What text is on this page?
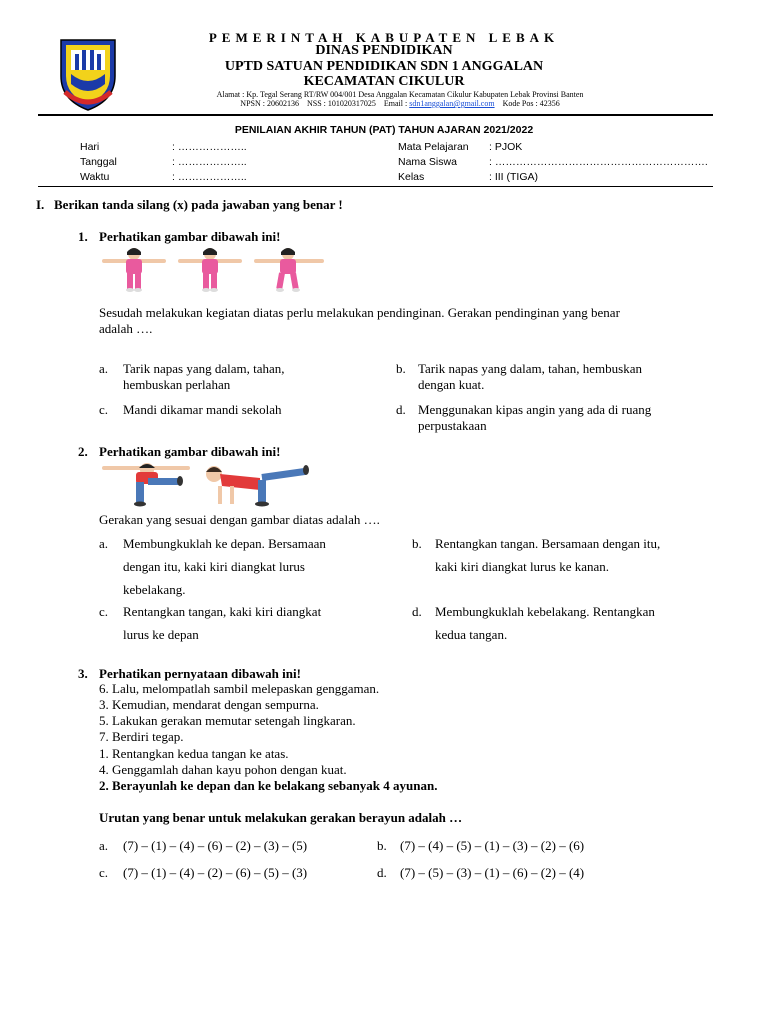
PEMERINTAH KABUPATEN LEBAK
DINAS PENDIDIKAN
UPTD SATUAN PENDIDIKAN SDN 1 ANGGALAN
KECAMATAN CIKULUR
Alamat : Kp. Tegal Serang RT/RW 004/001 Desa Anggalan Kecamatan Cikulur Kabupaten Lebak Provinsi Banten
NPSN : 20602136 NSS : 101020317025 Email : sdn1anggalan@gmail.com Kode Pos : 42356
PENILAIAN AKHIR TAHUN (PAT) TAHUN AJARAN 2021/2022
Hari	: ………………..
Tanggal	: ………………..
Waktu	: ………………..
Mata Pelajaran : PJOK
Nama Siswa	: …………………………………………………….
Kelas	: III (TIGA)
I. Berikan tanda silang (x) pada jawaban yang benar !
1. Perhatikan gambar dibawah ini!
Sesudah melakukan kegiatan diatas perlu melakukan pendinginan. Gerakan pendinginan yang benar
adalah ….
a. Tarik napas yang dalam, tahan,
hembuskan perlahan
b. Tarik napas yang dalam, tahan, hembuskan
dengan kuat.
c. Mandi dikamar mandi sekolah	d. Menggunakan kipas angin yang ada di ruang
perpustakaan
2. Perhatikan gambar dibawah ini!
Gerakan yang sesuai dengan gambar diatas adalah ….
a. Membungkuklah ke depan. Bersamaan
dengan itu, kaki kiri diangkat lurus
kebelakang.
b. Rentangkan tangan. Bersamaan dengan itu,
kaki kiri diangkat lurus ke kanan.
c. Rentangkan tangan, kaki kiri diangkat
lurus ke depan
d. Membungkuklah kebelakang. Rentangkan
kedua tangan.
3. Perhatikan pernyataan dibawah ini!
6. Lalu, melompatlah sambil melepaskan genggaman.
3. Kemudian, mendarat dengan sempurna.
5. Lakukan gerakan memutar setengah lingkaran.
7. Berdiri tegap.
1. Rentangkan kedua tangan ke atas.
4. Genggamlah dahan kayu pohon dengan kuat.
2. Berayunlah ke depan dan ke belakang sebanyak 4 ayunan.
Urutan yang benar untuk melakukan gerakan berayun adalah …
a. (7) – (1) – (4) – (6) – (2) – (3) – (5)	b. (7) – (4) – (5) – (1) – (3) – (2) – (6)
c. (7) – (1) – (4) – (2) – (6) – (5) – (3)	d. (7) – (5) – (3) – (1) – (6) – (2) – (4)
